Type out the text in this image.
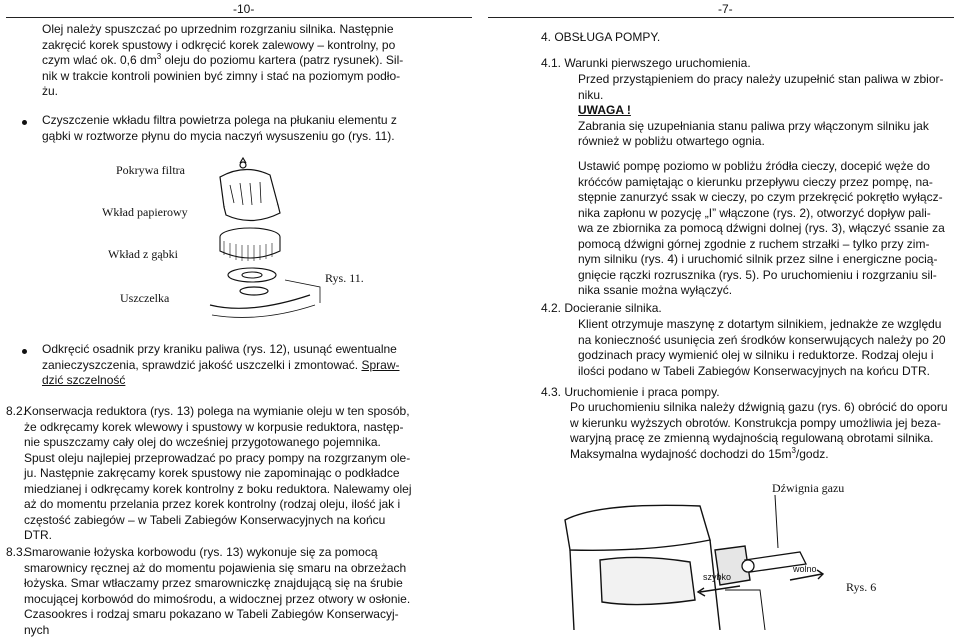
-10-	-7-
Olej należy spuszczać po uprzednim rozgrzaniu silnika. Następnie
zakręcić korek spustowy i odkręcić korek zalewowy – kontrolny, po
czym wlać ok. 0,6 $dm^3$ oleju do poziomu kartera (patrz rysunek). Sil-
nik w trakcie kontroli powinien być zimny i stać na poziomym podło-
żu.
Czyszczenie wkładu filtra powietrza polega na płukaniu elementu z
gąbki w roztworze płynu do mycia naczyń wysuszeniu go (rys. 11).
Pokrywa filtra
Wkład papierowy
Wkład z gąbki
Uszczelka
Rys. 11.
Odkręcić osadnik przy kraniku paliwa (rys. 12), usunąć ewentualne
zanieczyszczenia, sprawdzić jakość uszczelki i zmontować. Spraw-
dzić szczelność
8.2.
Konserwacja reduktora (rys. 13) polega na wymianie oleju w ten sposób,
że odkręcamy korek wlewowy i spustowy w korpusie reduktora, następ-
nie spuszczamy cały olej do wcześniej przygotowanego pojemnika.
Spust oleju najlepiej przeprowadzać po pracy pompy na rozgrzanym ole-
ju. Następnie zakręcamy korek spustowy nie zapominając o podkładce
miedzianej i odkręcamy korek kontrolny z boku reduktora. Nalewamy olej
aż do momentu przelania przez korek kontrolny (rodzaj oleju, ilość jak i
częstość zabiegów – w Tabeli Zabiegów Konserwacyjnych na końcu
DTR.
8.3.
Smarowanie łożyska korbowodu (rys. 13) wykonuje się za pomocą
smarownicy ręcznej aż do momentu pojawienia się smaru na obrzeżach
łożyska. Smar wtłaczamy przez smarowniczkę znajdującą się na śrubie
mocującej korbowód do mimośrodu, a widocznej przez otwory w osłonie.
Czasookres i rodzaj smaru pokazano w Tabeli Zabiegów Konserwacyj-
nych
4. OBSŁUGA POMPY.
4.1. Warunki pierwszego uruchomienia.
Przed przystąpieniem do pracy należy uzupełnić stan paliwa w zbior-
niku.
UWAGA !
Zabrania się uzupełniania stanu paliwa przy włączonym silniku jak
również w pobliżu otwartego ognia.
Ustawić pompę poziomo w pobliżu źródła cieczy, docepić węże do
króćców pamiętając o kierunku przepływu cieczy przez pompę, na-
stępnie zanurzyć ssak w cieczy, po czym przekręcić pokrętło wyłącz-
nika zapłonu w pozycję „I” włączone (rys. 2), otworzyć dopływ pali-
wa ze zbiornika za pomocą dźwigni dolnej (rys. 3), włączyć ssanie za
pomocą dźwigni górnej zgodnie z ruchem strzałki – tylko przy zim-
nym silniku (rys. 4) i uruchomić silnik przez silne i energiczne pocią-
gnięcie rączki rozrusznika (rys. 5). Po uruchomieniu i rozgrzaniu sil-
nika ssanie można wyłączyć.
4.2. Docieranie silnika.
Klient otrzymuje maszynę z dotartym silnikiem, jednakże ze względu
na konieczność usunięcia zeń środków konserwujących należy po 20
godzinach pracy wymienić olej w silniku i reduktorze. Rodzaj oleju i
ilości podano w Tabeli Zabiegów Konserwacyjnych na końcu DTR.
4.3. Uruchomienie i praca pompy.
Po uruchomieniu silnika należy dźwignią gazu (rys. 6) obrócić do oporu
w kierunku wyższych obrotów. Konstrukcja pompy umożliwia jej beza-
waryjną pracę ze zmienną wydajnością regulowaną obrotami silnika.
Maksymalna wydajność dochodzi do $15m^3$/godz.
Dźwignia gazu
Rys. 6
szybko
wolno
